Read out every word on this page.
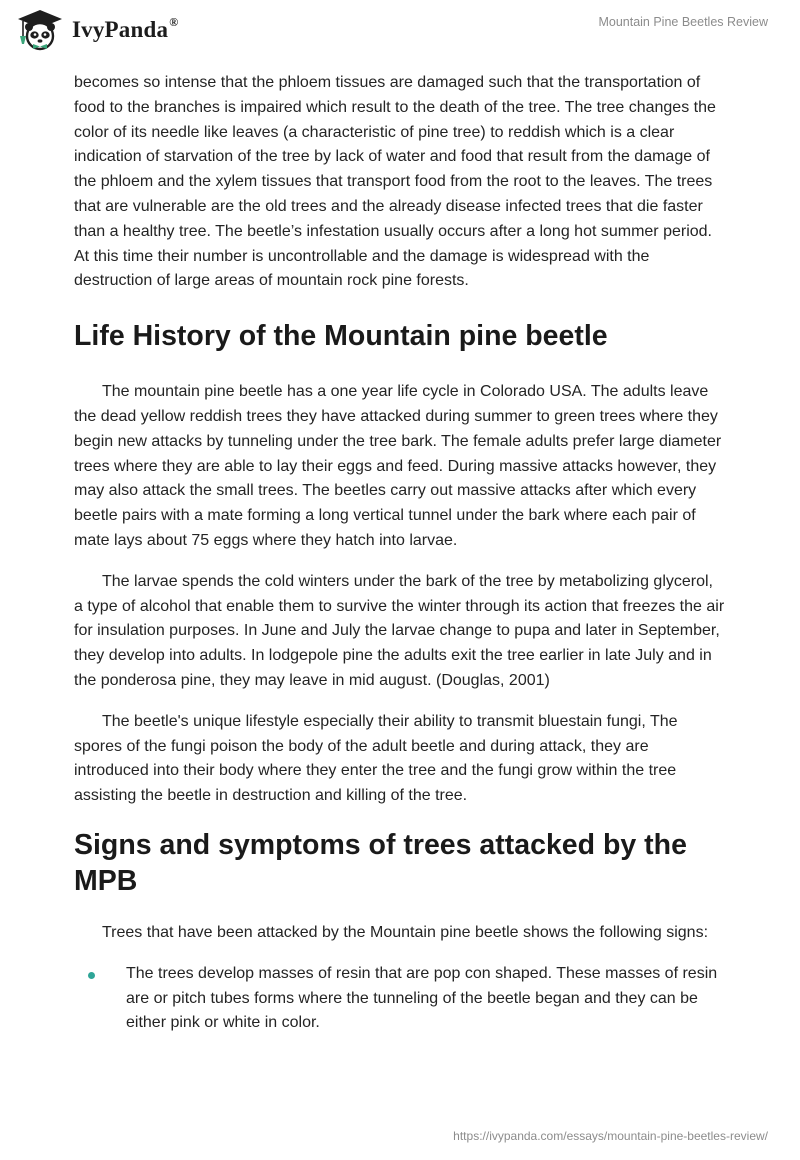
IvyPanda®	Mountain Pine Beetles Review

becomes so intense that the phloem tissues are damaged such that the transportation of food to the branches is impaired which result to the death of the tree. The tree changes the color of its needle like leaves (a characteristic of pine tree) to reddish which is a clear indication of starvation of the tree by lack of water and food that result from the damage of the phloem and the xylem tissues that transport food from the root to the leaves. The trees that are vulnerable are the old trees and the already disease infected trees that die faster than a healthy tree. The beetle’s infestation usually occurs after a long hot summer period. At this time their number is uncontrollable and the damage is widespread with the destruction of large areas of mountain rock pine forests.

Life History of the Mountain pine beetle

The mountain pine beetle has a one year life cycle in Colorado USA. The adults leave the dead yellow reddish trees they have attacked during summer to green trees where they begin new attacks by tunneling under the tree bark. The female adults prefer large diameter trees where they are able to lay their eggs and feed. During massive attacks however, they may also attack the small trees. The beetles carry out massive attacks after which every beetle pairs with a mate forming a long vertical tunnel under the bark where each pair of mate lays about 75 eggs where they hatch into larvae.

The larvae spends the cold winters under the bark of the tree by metabolizing glycerol, a type of alcohol that enable them to survive the winter through its action that freezes the air for insulation purposes. In June and July the larvae change to pupa and later in September, they develop into adults. In lodgepole pine the adults exit the tree earlier in late July and in the ponderosa pine, they may leave in mid august. (Douglas, 2001)

The beetle's unique lifestyle especially their ability to transmit bluestain fungi, The spores of the fungi poison the body of the adult beetle and during attack, they are introduced into their body where they enter the tree and the fungi grow within the tree assisting the beetle in destruction and killing of the tree.

Signs and symptoms of trees attacked by the MPB

Trees that have been attacked by the Mountain pine beetle shows the following signs:

The trees develop masses of resin that are pop con shaped. These masses of resin are or pitch tubes forms where the tunneling of the beetle began and they can be either pink or white in color.
https://ivypanda.com/essays/mountain-pine-beetles-review/
